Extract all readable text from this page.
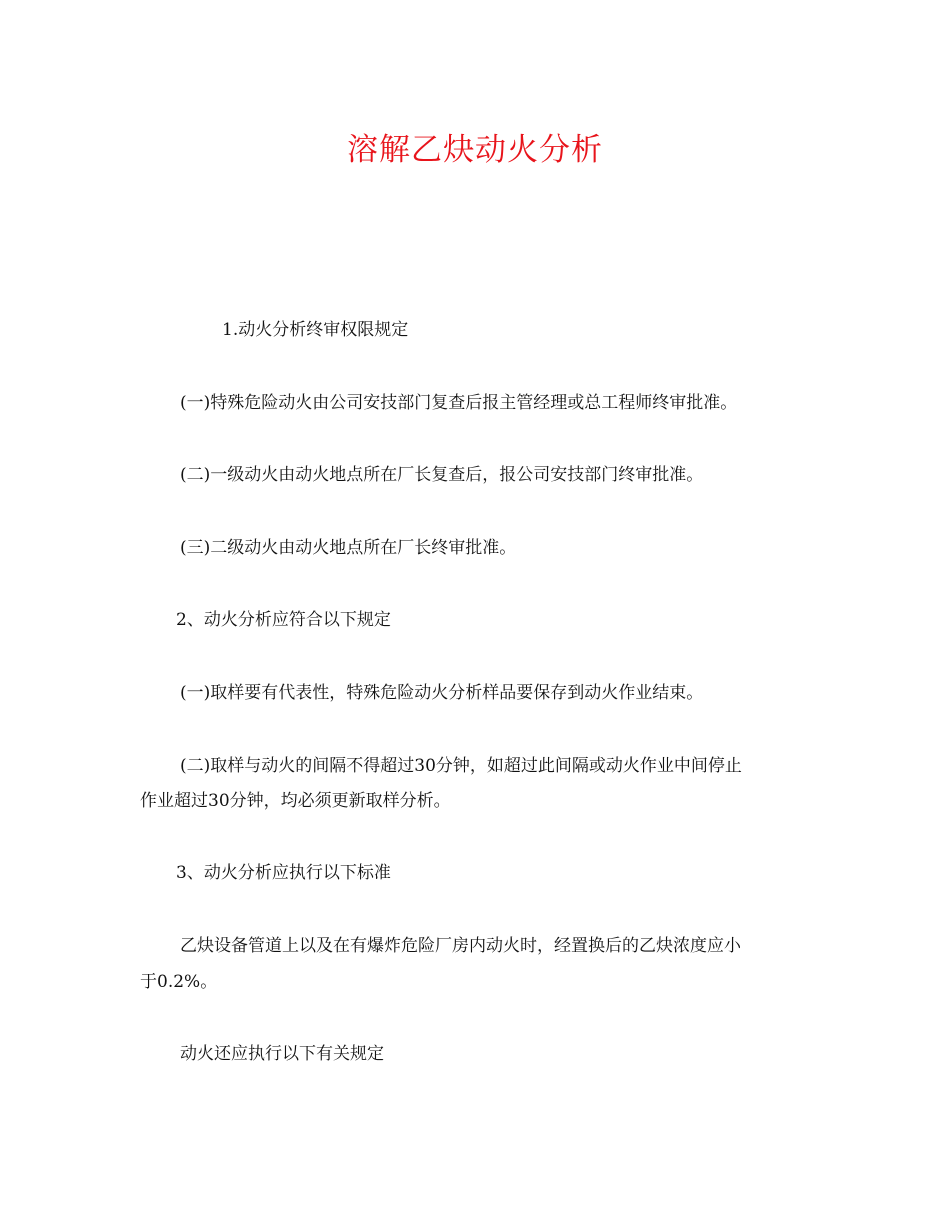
溶解乙炔动火分析
1.动火分析终审权限规定
(一)特殊危险动火由公司安技部门复查后报主管经理或总工程师终审批准。
(二)一级动火由动火地点所在厂长复查后，报公司安技部门终审批准。
(三)二级动火由动火地点所在厂长终审批准。
2、动火分析应符合以下规定
(一)取样要有代表性，特殊危险动火分析样品要保存到动火作业结束。
(二)取样与动火的间隔不得超过30分钟，如超过此间隔或动火作业中间停止
作业超过30分钟，均必须更新取样分析。
3、动火分析应执行以下标准
乙炔设备管道上以及在有爆炸危险厂房内动火时，经置换后的乙炔浓度应小
于0.2%。
动火还应执行以下有关规定
